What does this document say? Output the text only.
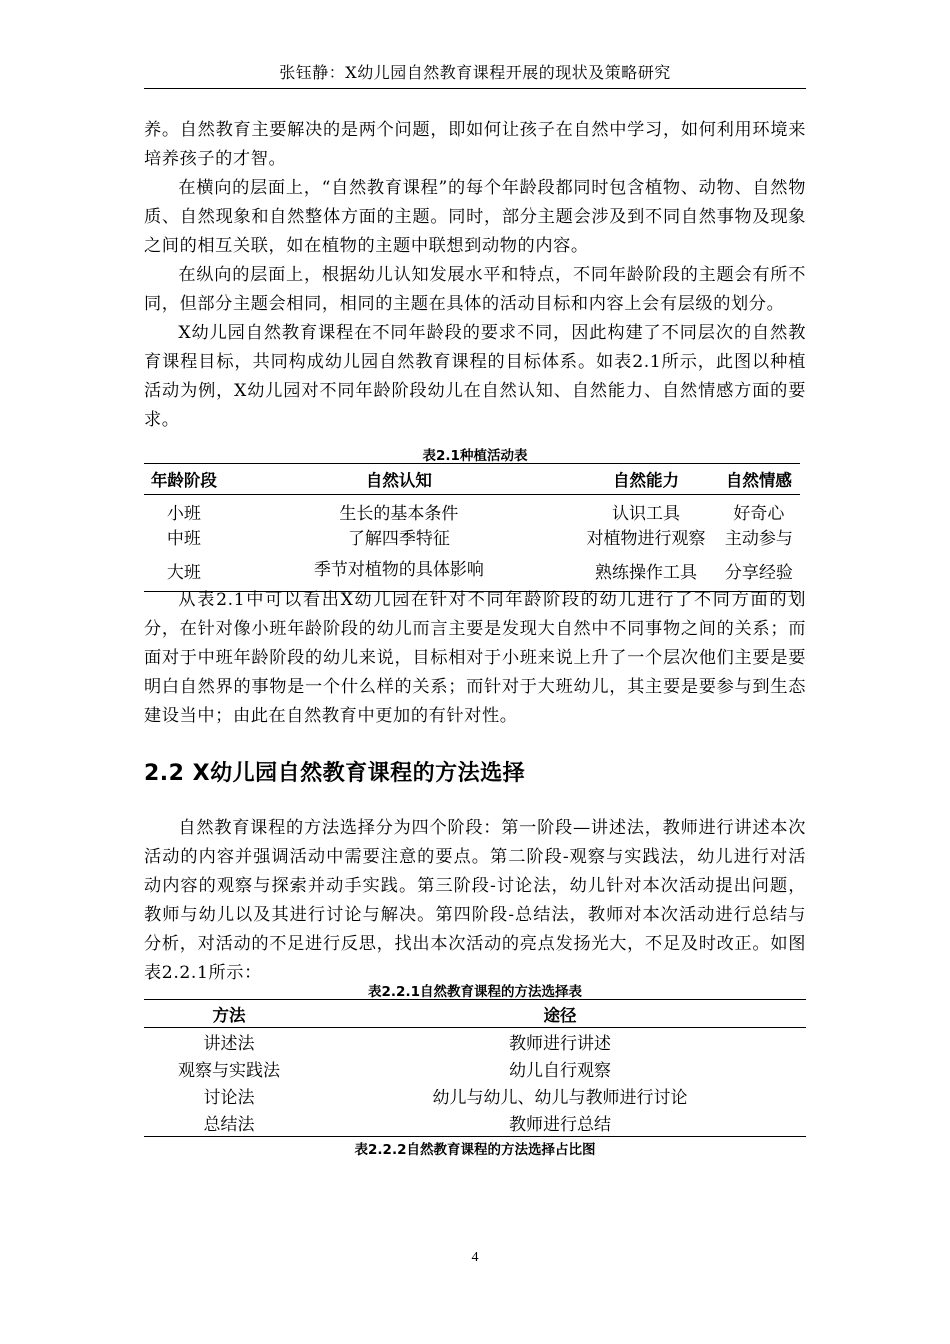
张钰静：X幼儿园自然教育课程开展的现状及策略研究

养。自然教育主要解决的是两个问题，即如何让孩子在自然中学习，如何利用环境来培养孩子的才智。

在横向的层面上，“自然教育课程”的每个年龄段都同时包含植物、动物、自然物质、自然现象和自然整体方面的主题。同时，部分主题会涉及到不同自然事物及现象之间的相互关联，如在植物的主题中联想到动物的内容。

在纵向的层面上，根据幼儿认知发展水平和特点，不同年龄阶段的主题会有所不同，但部分主题会相同，相同的主题在具体的活动目标和内容上会有层级的划分。

X幼儿园自然教育课程在不同年龄段的要求不同，因此构建了不同层次的自然教育课程目标，共同构成幼儿园自然教育课程的目标体系。如表2.1所示，此图以种植活动为例，X幼儿园对不同年龄阶段幼儿在自然认知、自然能力、自然情感方面的要求。

表2.1种植活动表
年龄阶段	自然认知	自然能力	自然情感
小班	生长的基本条件	认识工具	好奇心
中班	了解四季特征	对植物进行观察	主动参与
大班	季节对植物的具体影响	熟练操作工具	分享经验

从表2.1中可以看出X幼儿园在针对不同年龄阶段的幼儿进行了不同方面的划分，在针对像小班年龄阶段的幼儿而言主要是发现大自然中不同事物之间的关系；而面对于中班年龄阶段的幼儿来说，目标相对于小班来说上升了一个层次他们主要是要明白自然界的事物是一个什么样的关系；而针对于大班幼儿，其主要是要参与到生态建设当中；由此在自然教育中更加的有针对性。

2.2 X幼儿园自然教育课程的方法选择

自然教育课程的方法选择分为四个阶段：第一阶段—讲述法，教师进行讲述本次活动的内容并强调活动中需要注意的要点。第二阶段-观察与实践法，幼儿进行对活动内容的观察与探索并动手实践。第三阶段-讨论法，幼儿针对本次活动提出问题，教师与幼儿以及其进行讨论与解决。第四阶段-总结法，教师对本次活动进行总结与分析，对活动的不足进行反思，找出本次活动的亮点发扬光大，不足及时改正。如图表2.2.1所示：

表2.2.1自然教育课程的方法选择表
方法	途径
讲述法	教师进行讲述
观察与实践法	幼儿自行观察
讨论法	幼儿与幼儿、幼儿与教师进行讨论
总结法	教师进行总结
表2.2.2自然教育课程的方法选择占比图
4
